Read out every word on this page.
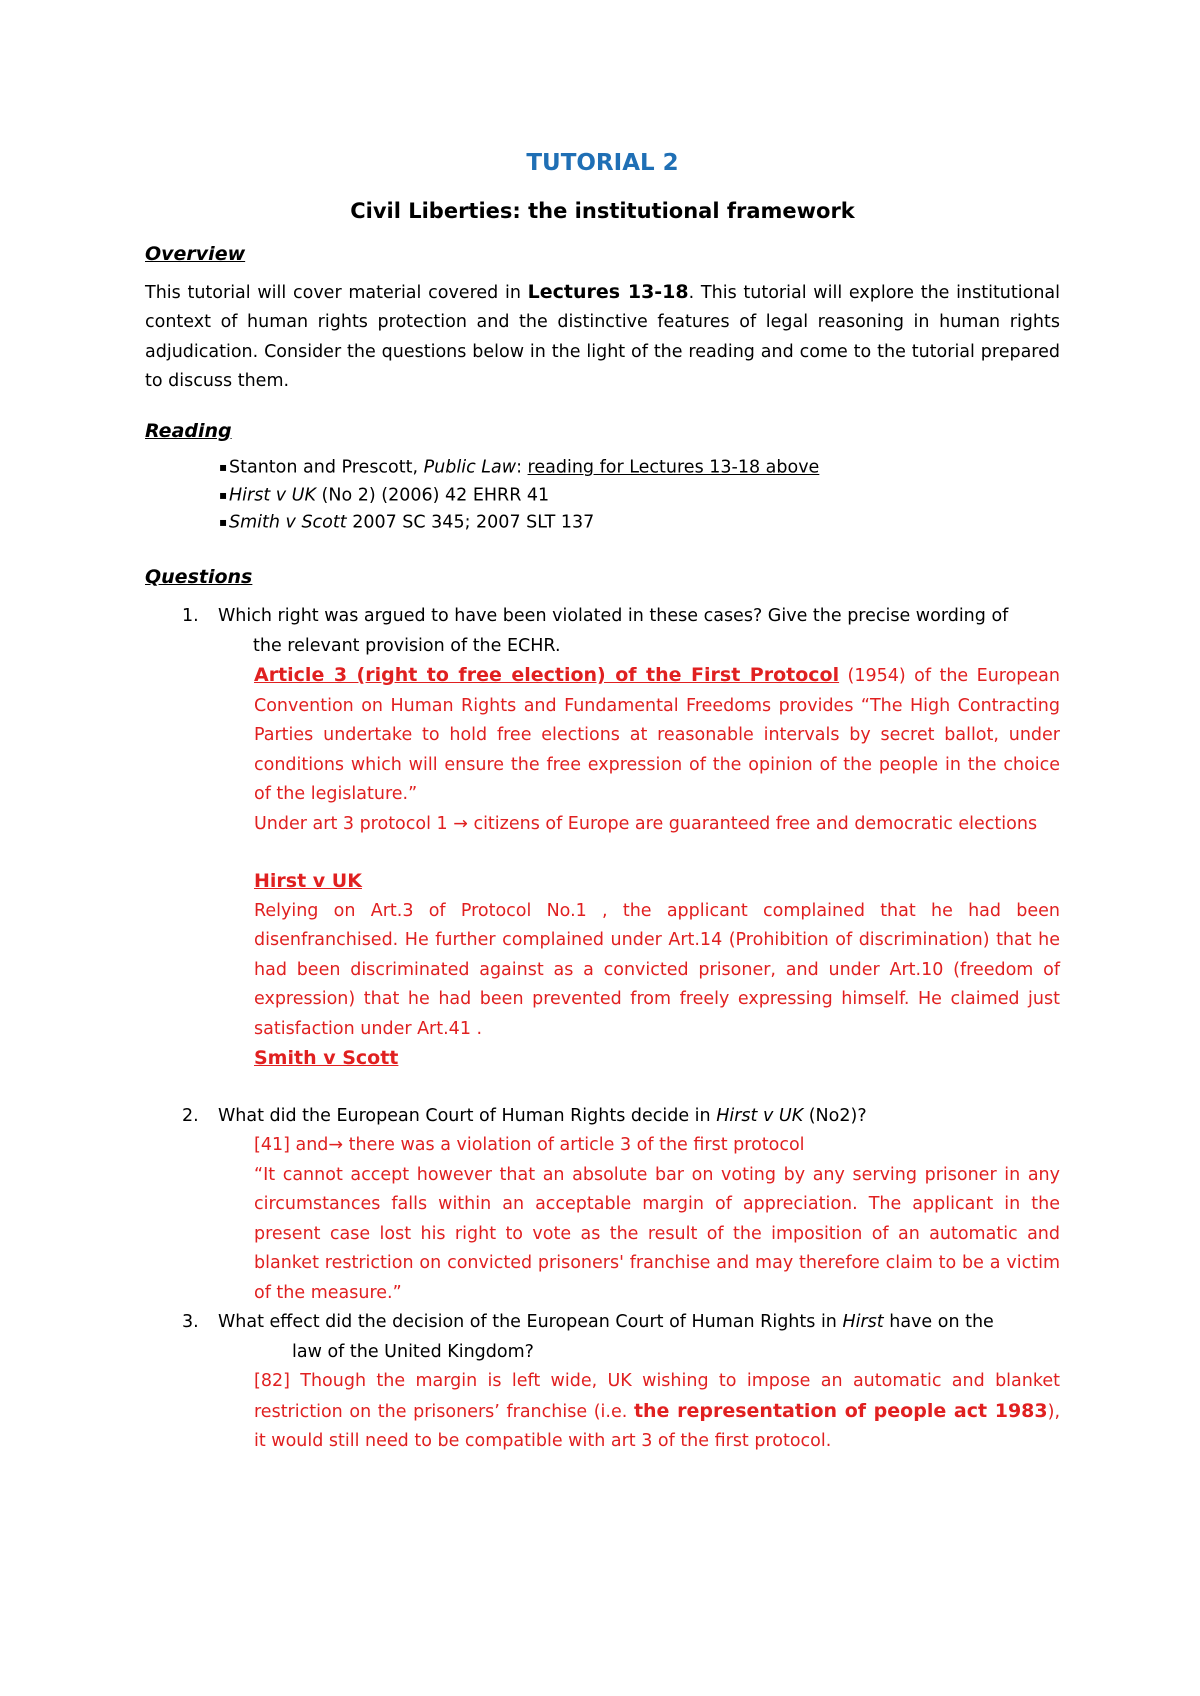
TUTORIAL 2
Civil Liberties: the institutional framework
Overview

This tutorial will cover material covered in Lectures 13-18. This tutorial will explore the institutional context of human rights protection and the distinctive features of legal reasoning in human rights adjudication. Consider the questions below in the light of the reading and come to the tutorial prepared to discuss them.

Reading
▪ Stanton and Prescott, Public Law: reading for Lectures 13-18 above
▪ Hirst v UK (No 2) (2006) 42 EHRR 41
▪ Smith v Scott 2007 SC 345; 2007 SLT 137
Questions
1. Which right was argued to have been violated in these cases? Give the precise wording of
the relevant provision of the ECHR.

Article 3 (right to free election) of the First Protocol (1954) of the European Convention on Human Rights and Fundamental Freedoms provides “The High Contracting Parties undertake to hold free elections at reasonable intervals by secret ballot, under conditions which will ensure the free expression of the opinion of the people in the choice of the legislature.”

Under art 3 protocol 1 → citizens of Europe are guaranteed free and democratic elections

Hirst v UK

Relying on Art.3 of Protocol No.1 , the applicant complained that he had been disenfranchised. He further complained under Art.14 (Prohibition of discrimination) that he had been discriminated against as a convicted prisoner, and under Art.10 (freedom of expression) that he had been prevented from freely expressing himself. He claimed just satisfaction under Art.41 .

Smith v Scott
2. What did the European Court of Human Rights decide in Hirst v UK (No2)?

[41] and→ there was a violation of article 3 of the first protocol

“It cannot accept however that an absolute bar on voting by any serving prisoner in any circumstances falls within an acceptable margin of appreciation. The applicant in the present case lost his right to vote as the result of the imposition of an automatic and blanket restriction on convicted prisoners' franchise and may therefore claim to be a victim of the measure.”

3. What effect did the decision of the European Court of Human Rights in Hirst have on the
law of the United Kingdom?

[82] Though the margin is left wide, UK wishing to impose an automatic and blanket restriction on the prisoners’ franchise (i.e. the representation of people act 1983), it would still need to be compatible with art 3 of the first protocol.
